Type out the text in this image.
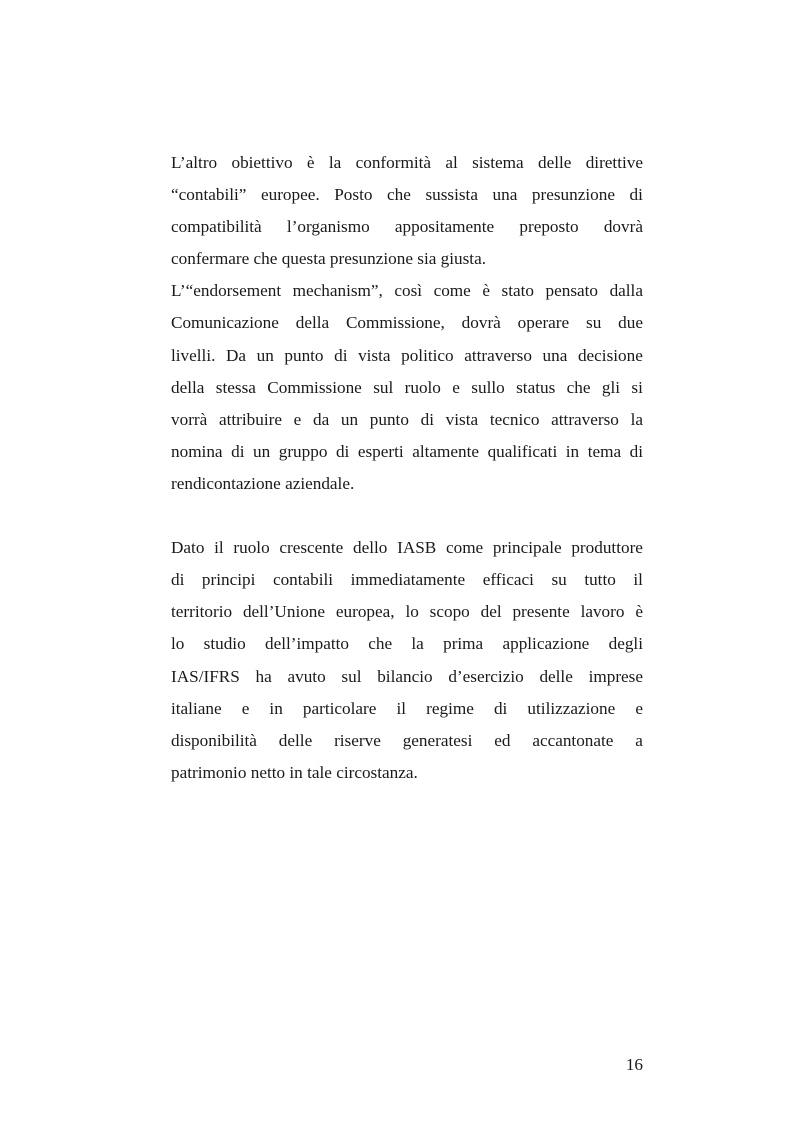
L’altro obiettivo è la conformità al sistema delle direttive
“contabili” europee. Posto che sussista una presunzione di
compatibilità l’organismo appositamente preposto dovrà
confermare che questa presunzione sia giusta.
L’“endorsement mechanism”, così come è stato pensato dalla
Comunicazione della Commissione, dovrà operare su due
livelli. Da un punto di vista politico attraverso una decisione
della stessa Commissione sul ruolo e sullo status che gli si
vorrà attribuire e da un punto di vista tecnico attraverso la
nomina di un gruppo di esperti altamente qualificati in tema di
rendicontazione aziendale.
Dato il ruolo crescente dello IASB come principale produttore
di principi contabili immediatamente efficaci su tutto il
territorio dell’Unione europea, lo scopo del presente lavoro è
lo studio dell’impatto che la prima applicazione degli
IAS/IFRS ha avuto sul bilancio d’esercizio delle imprese
italiane e in particolare il regime di utilizzazione e
disponibilità delle riserve generatesi ed accantonate a
patrimonio netto in tale circostanza.
16
